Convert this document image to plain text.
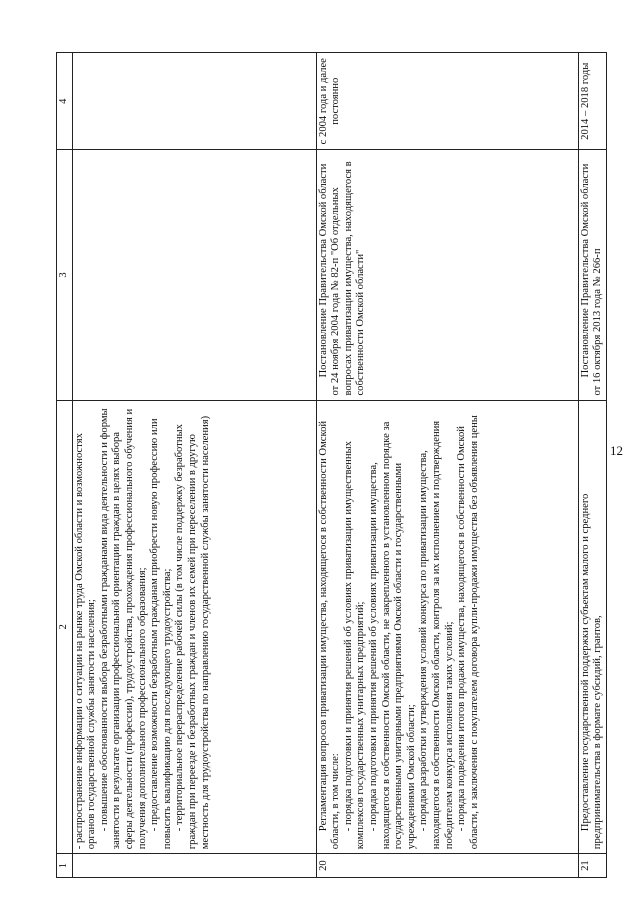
12
1	2	3	4

	- распространение информации о ситуации на рынке труда Омской области и возможностях органов государственной службы занятости населения; - повышение обоснованности выбора безработными гражданами вида деятельности и формы занятости в результате организации профессиональной ориентации граждан в целях выбора сферы деятельности (профессии), трудоустройства, прохождения профессионального обучения и получения дополнительного профессионального образования; - предоставление возможности безработным гражданам приобрести новую профессию или повысить квалификацию для последующего трудоустройства; - территориальное перераспределение рабочей силы (в том числе поддержку безработных граждан при переезде и безработных граждан и членов их семей при переселении в другую местность для трудоустройства по направлению государственной службы занятости населения)		

20	Регламентация вопросов приватизации имущества, находящегося в собственности Омской области, в том числе: - порядка подготовки и принятия решений об условиях приватизации имущественных комплексов государственных унитарных предприятий; - порядка подготовки и принятия решений об условиях приватизации имущества, находящегося в собственности Омской области, не закрепленного в установленном порядке за государственными унитарными предприятиями Омской области и государственными учреждениями Омской области; - порядка разработки и утверждения условий конкурса по приватизации имущества, находящегося в собственности Омской области, контроля за их исполнением и подтверждения победителем конкурса исполнения таких условий; - порядка подведения итогов продажи имущества, находящегося в собственности Омской области, и заключения с покупателем договора купли-продажи имущества без объявления цены	Постановление Правительства Омской области от 24 ноября 2004 года № 82-п "Об отдельных вопросах приватизации имущества, находящегося в собственности Омской области"	с 2004 года и далее постоянно
21	Предоставление государственной поддержки субъектам малого и среднего предпринимательства в формате субсидий, грантов,	Постановление Правительства Омской области от 16 октября 2013 года № 266-п	2014 – 2018 годы
